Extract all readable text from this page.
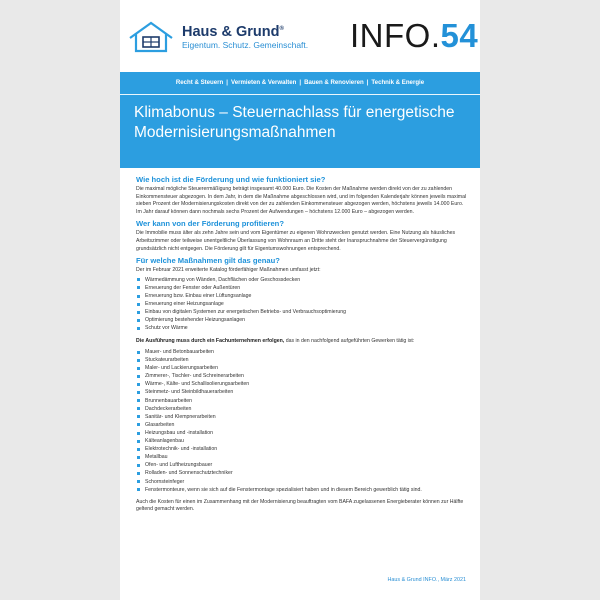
Haus & Grund®
Eigentum. Schutz. Gemeinschaft. INFO.54
Recht & Steuern | Vermieten & Verwalten | Bauen & Renovieren | Technik & Energie
Klimabonus – Steuernachlass für energetische Modernisierungsmaßnahmen
Wie hoch ist die Förderung und wie funktioniert sie?
Die maximal mögliche Steuerermäßigung beträgt insgesamt 40.000 Euro. Die Kosten der Maßnahme werden direkt von der zu zahlenden Einkommensteuer abgezogen. In dem Jahr, in dem die Maßnahme abgeschlossen wird, und im folgenden Kalenderjahr können jeweils maximal sieben Prozent der Modernisierungskosten direkt von der zu zahlenden Einkommensteuer abgezogen werden, höchstens jeweils 14.000 Euro. Im Jahr darauf können dann nochmals sechs Prozent der Aufwendungen – höchstens 12.000 Euro – abgezogen werden.
Wer kann von der Förderung profitieren?
Die Immobilie muss älter als zehn Jahre sein und vom Eigentümer zu eigenen Wohnzwecken genutzt werden. Eine Nutzung als häusliches Arbeitszimmer oder teilweise unentgeltliche Überlassung von Wohnraum an Dritte steht der Inanspruchnahme der Steuervergünstigung grundsätzlich nicht entgegen. Die Förderung gilt für Eigentumswohnungen entsprechend.
Für welche Maßnahmen gilt das genau?
Der im Februar 2021 erweiterte Katalog förderfähiger Maßnahmen umfasst jetzt:
Wärmedämmung von Wänden, Dachflächen oder Geschossdecken
Erneuerung der Fenster oder Außentüren
Erneuerung bzw. Einbau einer Lüftungsanlage
Erneuerung einer Heizungsanlage
Einbau von digitalen Systemen zur energetischen Betriebs- und Verbrauchsoptimierung
Optimierung bestehender Heizungsanlagen
Schutz vor Wärme
Die Ausführung muss durch ein Fachunternehmen erfolgen, das in den nachfolgend aufgeführten Gewerken tätig ist:
Mauer- und Betonbauarbeiten
Stuckateurarbeiten
Maler- und Lackierungsarbeiten
Zimmerer-, Tischler- und Schreinerarbeiten
Wärme-, Kälte- und Schallisolierungsarbeiten
Steinmetz- und Steinbildhauerarbeiten
Brunnenbauarbeiten
Dachdeckerarbeiten
Sanitär- und Klempnerarbeiten
Glasarbeiten
Heizungsbau und -installation
Kälteanlagenbau
Elektrotechnik- und -installation
Metallbau
Ofen- und Luftheizungsbauer
Rolladen- und Sonnenschutztechniker
Schornsteinfeger
Fenstermonteure, wenn sie sich auf die Fenstermontage spezialisiert haben und in diesem Bereich gewerblich tätig sind.
Auch die Kosten für einen im Zusammenhang mit der Modernisierung beauftragten vom BAFA zugelassenen Energieberater können zur Hälfte geltend gemacht werden.
Haus & Grund INFO., März 2021
